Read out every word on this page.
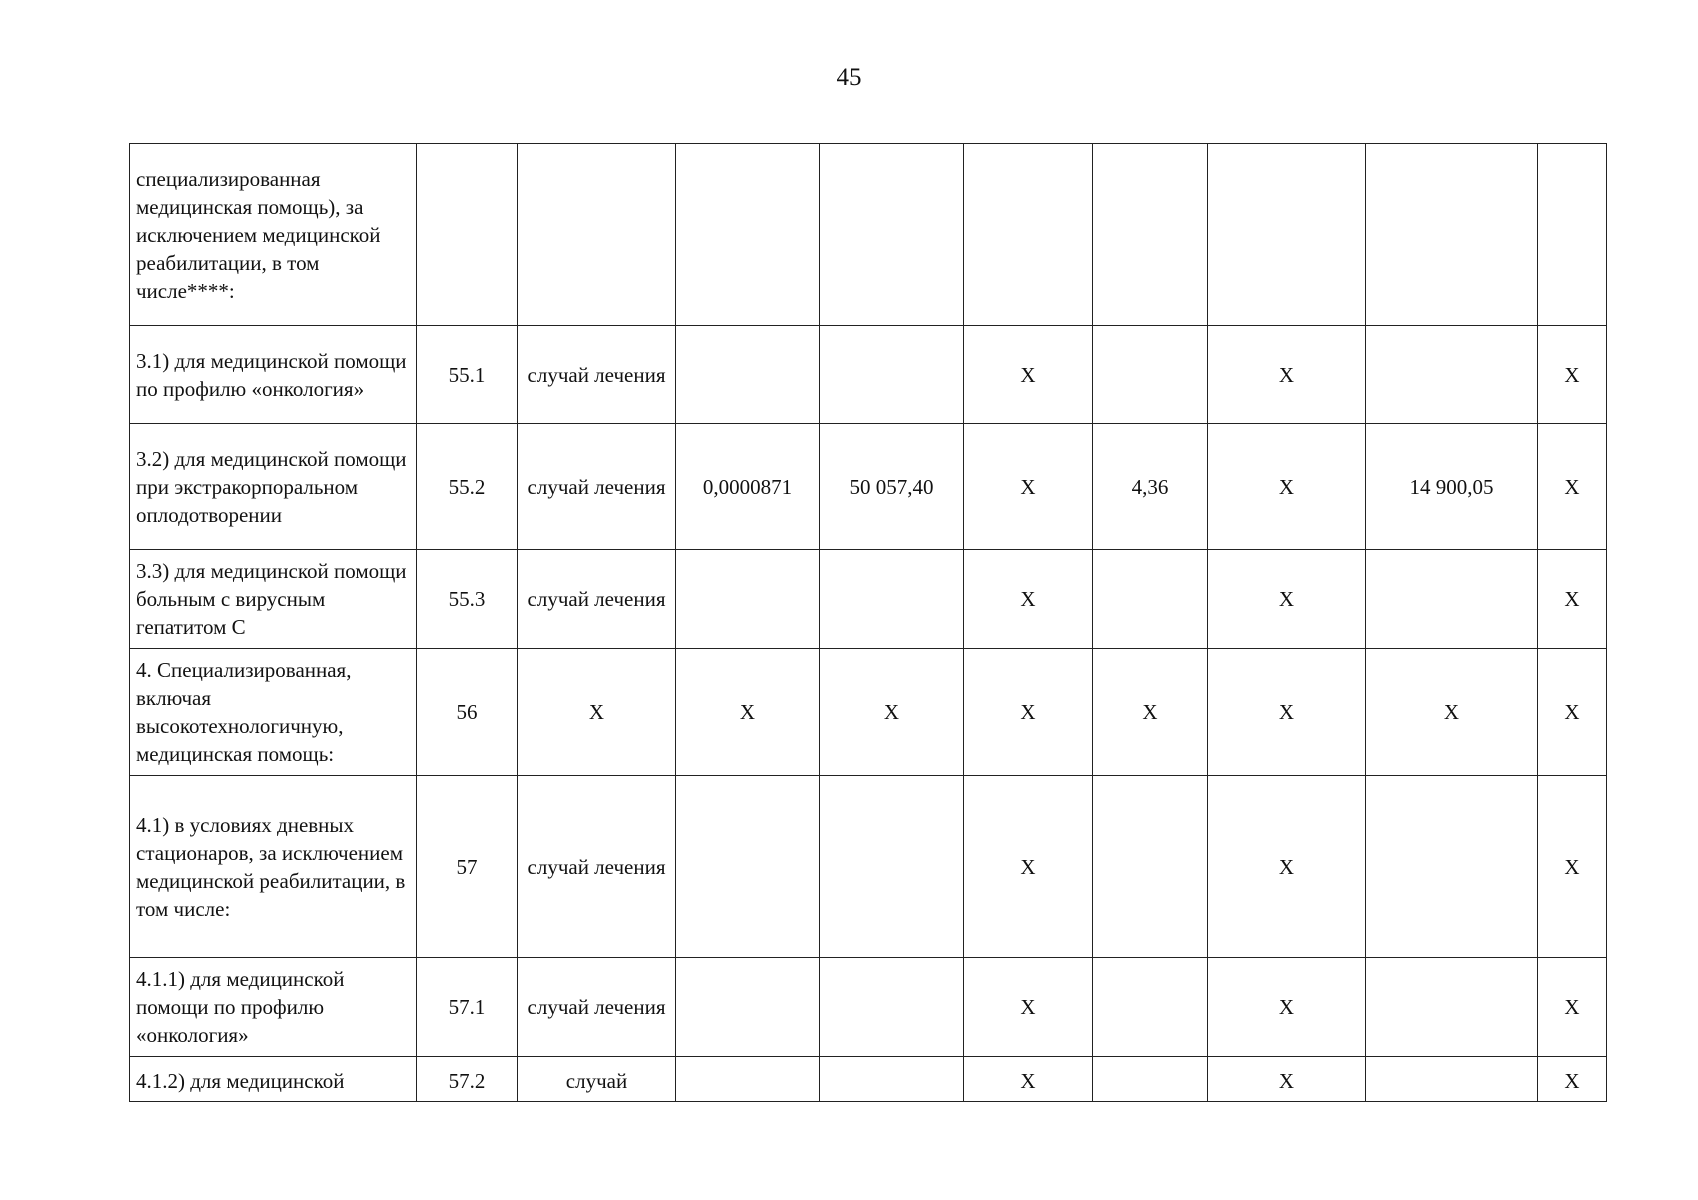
45
специализированная медицинская помощь), за исключением медицинской реабилитации, в том числе****:									
3.1) для медицинской помощи по профилю «онкология»	55.1	случай лечения			Х		Х		Х
3.2) для медицинской помощи при экстракорпоральном оплодотворении	55.2	случай лечения	0,0000871	50 057,40	Х	4,36	Х	14 900,05	Х
3.3) для медицинской помощи больным с вирусным гепатитом С	55.3	случай лечения			Х		Х		Х
4. Специализированная, включая высокотехнологичную, медицинская помощь:	56	Х	Х	Х	Х	Х	Х	Х	Х
4.1) в условиях дневных стационаров, за исключением медицинской реабилитации, в том числе:	57	случай лечения			Х		Х		Х
4.1.1) для медицинской помощи по профилю «онкология»	57.1	случай лечения			Х		Х		Х
4.1.2) для медицинской	57.2	случай			Х		Х		Х
